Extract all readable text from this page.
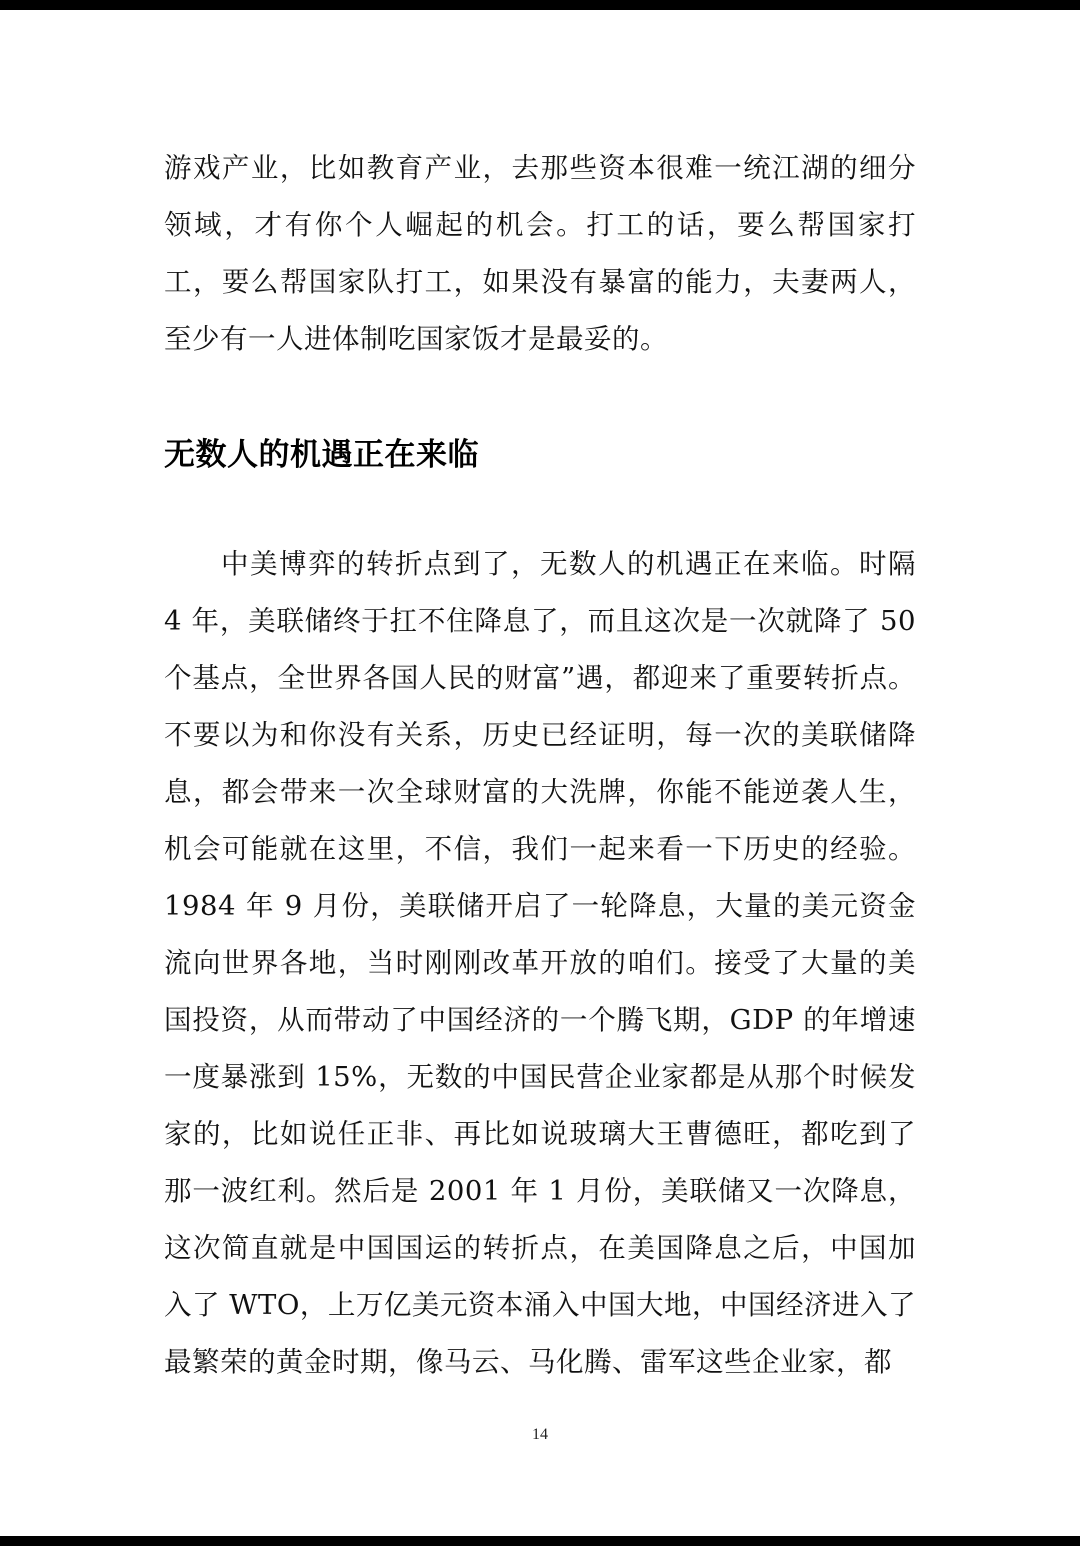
游戏产业，比如教育产业，去那些资本很难一统江湖的细分领域，才有你个人崛起的机会。打工的话，要么帮国家打工，要么帮国家队打工，如果没有暴富的能力，夫妻两人，至少有一人进体制吃国家饭才是最妥的。

无数人的机遇正在来临

中美博弈的转折点到了，无数人的机遇正在来临。时隔 4 年，美联储终于扛不住降息了，而且这次是一次就降了 50 个基点，全世界各国人民的财富”遇，都迎来了重要转折点。不要以为和你没有关系，历史已经证明，每一次的美联储降息，都会带来一次全球财富的大洗牌，你能不能逆袭人生，机会可能就在这里，不信，我们一起来看一下历史的经验。1984 年 9 月份，美联储开启了一轮降息，大量的美元资金流向世界各地，当时刚刚改革开放的咱们。接受了大量的美国投资，从而带动了中国经济的一个腾飞期，GDP 的年增速一度暴涨到 15%，无数的中国民营企业家都是从那个时候发家的，比如说任正非、再比如说玻璃大王曹德旺，都吃到了那一波红利。然后是 2001 年 1 月份，美联储又一次降息，这次简直就是中国国运的转折点，在美国降息之后，中国加入了 WTO，上万亿美元资本涌入中国大地，中国经济进入了最繁荣的黄金时期，像马云、马化腾、雷军这些企业家，都

14
